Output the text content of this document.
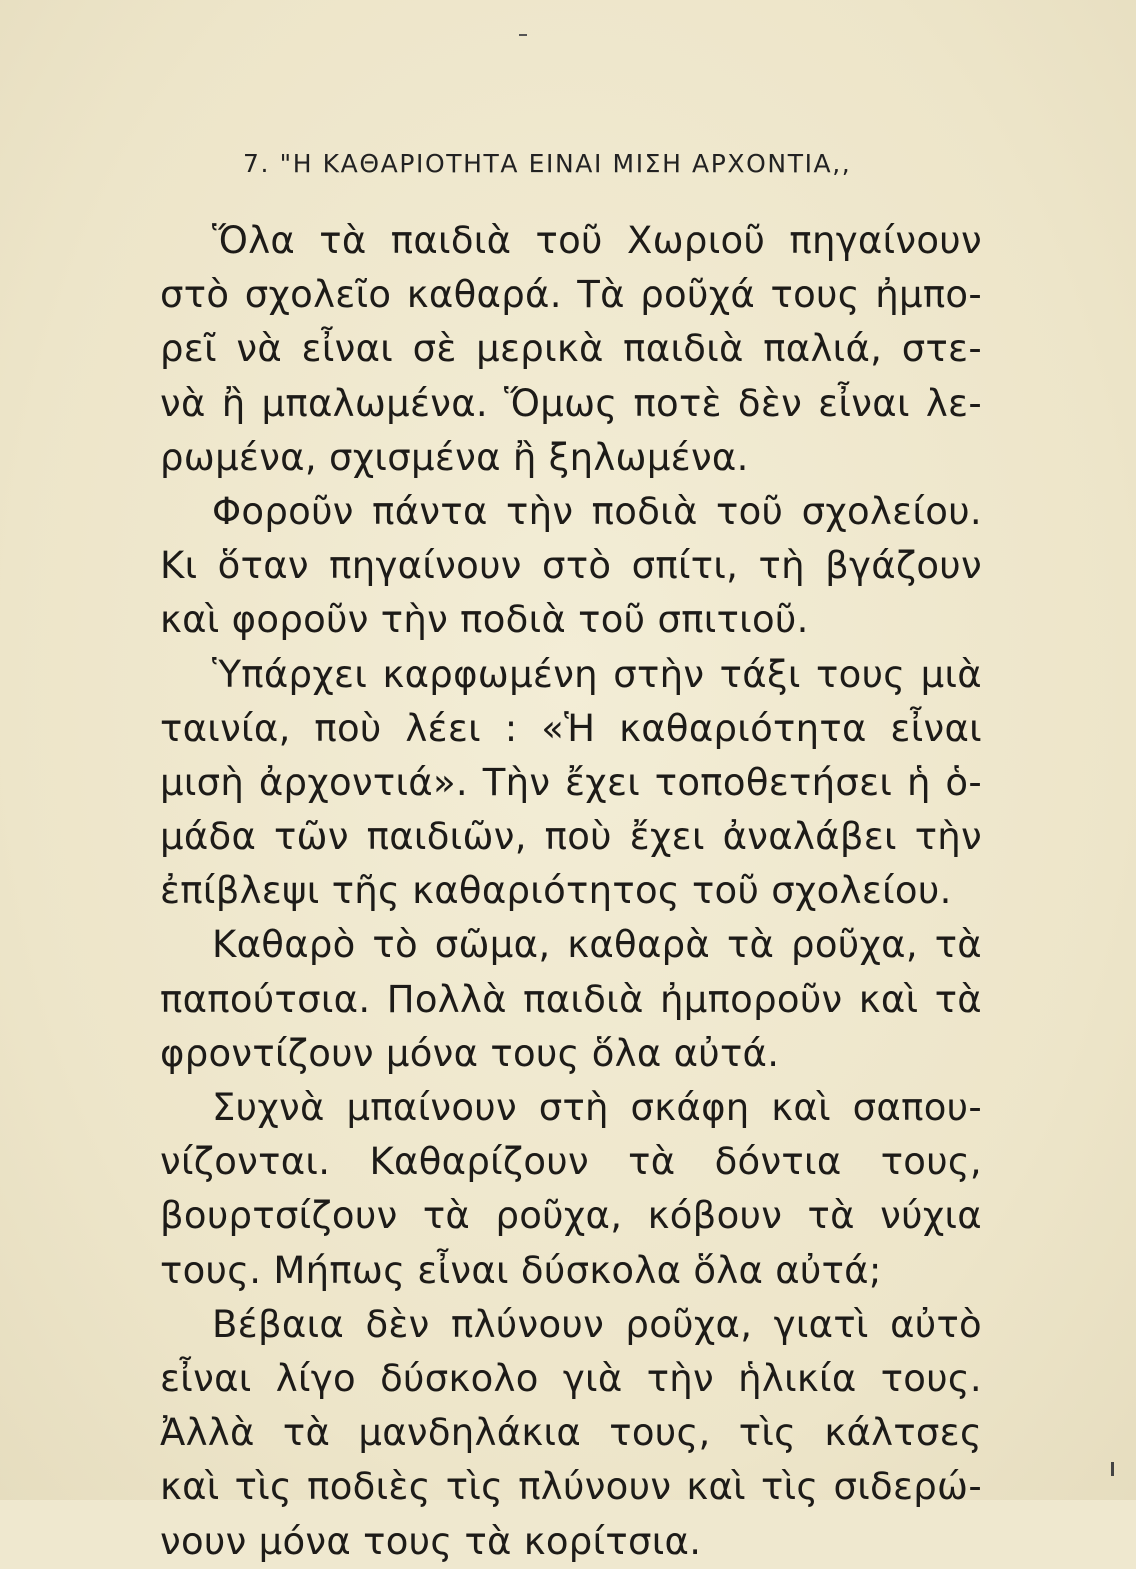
7. "Η ΚΑΘΑΡΙΟΤΗΤΑ ΕΙΝΑΙ ΜΙΣΗ ΑΡΧΟΝΤΙΑ,,
Ὅλα τὰ παιδιὰ τοῦ Χωριοῦ πηγαίνουν
στὸ σχολεῖο καθαρά. Τὰ ροῦχά τους ἠμπο-
ρεῖ νὰ εἶναι σὲ μερικὰ παιδιὰ παλιά, στε-
νὰ ἢ μπαλωμένα. Ὅμως ποτὲ δὲν εἶναι λε-
ρωμένα, σχισμένα ἢ ξηλωμένα.
Φοροῦν πάντα τὴν ποδιὰ τοῦ σχολείου.
Κι ὅταν πηγαίνουν στὸ σπίτι, τὴ βγάζουν
καὶ φοροῦν τὴν ποδιὰ τοῦ σπιτιοῦ.
Ὑπάρχει καρφωμένη στὴν τάξι τους μιὰ
ταινία, ποὺ λέει : «Ἡ καθαριότητα εἶναι
μισὴ ἀρχοντιά». Τὴν ἔχει τοποθετήσει ἡ ὁ-
μάδα τῶν παιδιῶν, ποὺ ἔχει ἀναλάβει τὴν
ἐπίβλεψι τῆς καθαριότητος τοῦ σχολείου.
Καθαρὸ τὸ σῶμα, καθαρὰ τὰ ροῦχα, τὰ
παπούτσια. Πολλὰ παιδιὰ ἠμποροῦν καὶ τὰ
φροντίζουν μόνα τους ὅλα αὐτά.
Συχνὰ μπαίνουν στὴ σκάφη καὶ σαπου-
νίζονται. Καθαρίζουν τὰ δόντια τους,
βουρτσίζουν τὰ ροῦχα, κόβουν τὰ νύχια
τους. Μήπως εἶναι δύσκολα ὅλα αὐτά;
Βέβαια δὲν πλύνουν ροῦχα, γιατὶ αὐτὸ
εἶναι λίγο δύσκολο γιὰ τὴν ἡλικία τους.
Ἀλλὰ τὰ μανδηλάκια τους, τὶς κάλτσες
καὶ τὶς ποδιὲς τὶς πλύνουν καὶ τὶς σιδερώ-
νουν μόνα τους τὰ κορίτσια.
